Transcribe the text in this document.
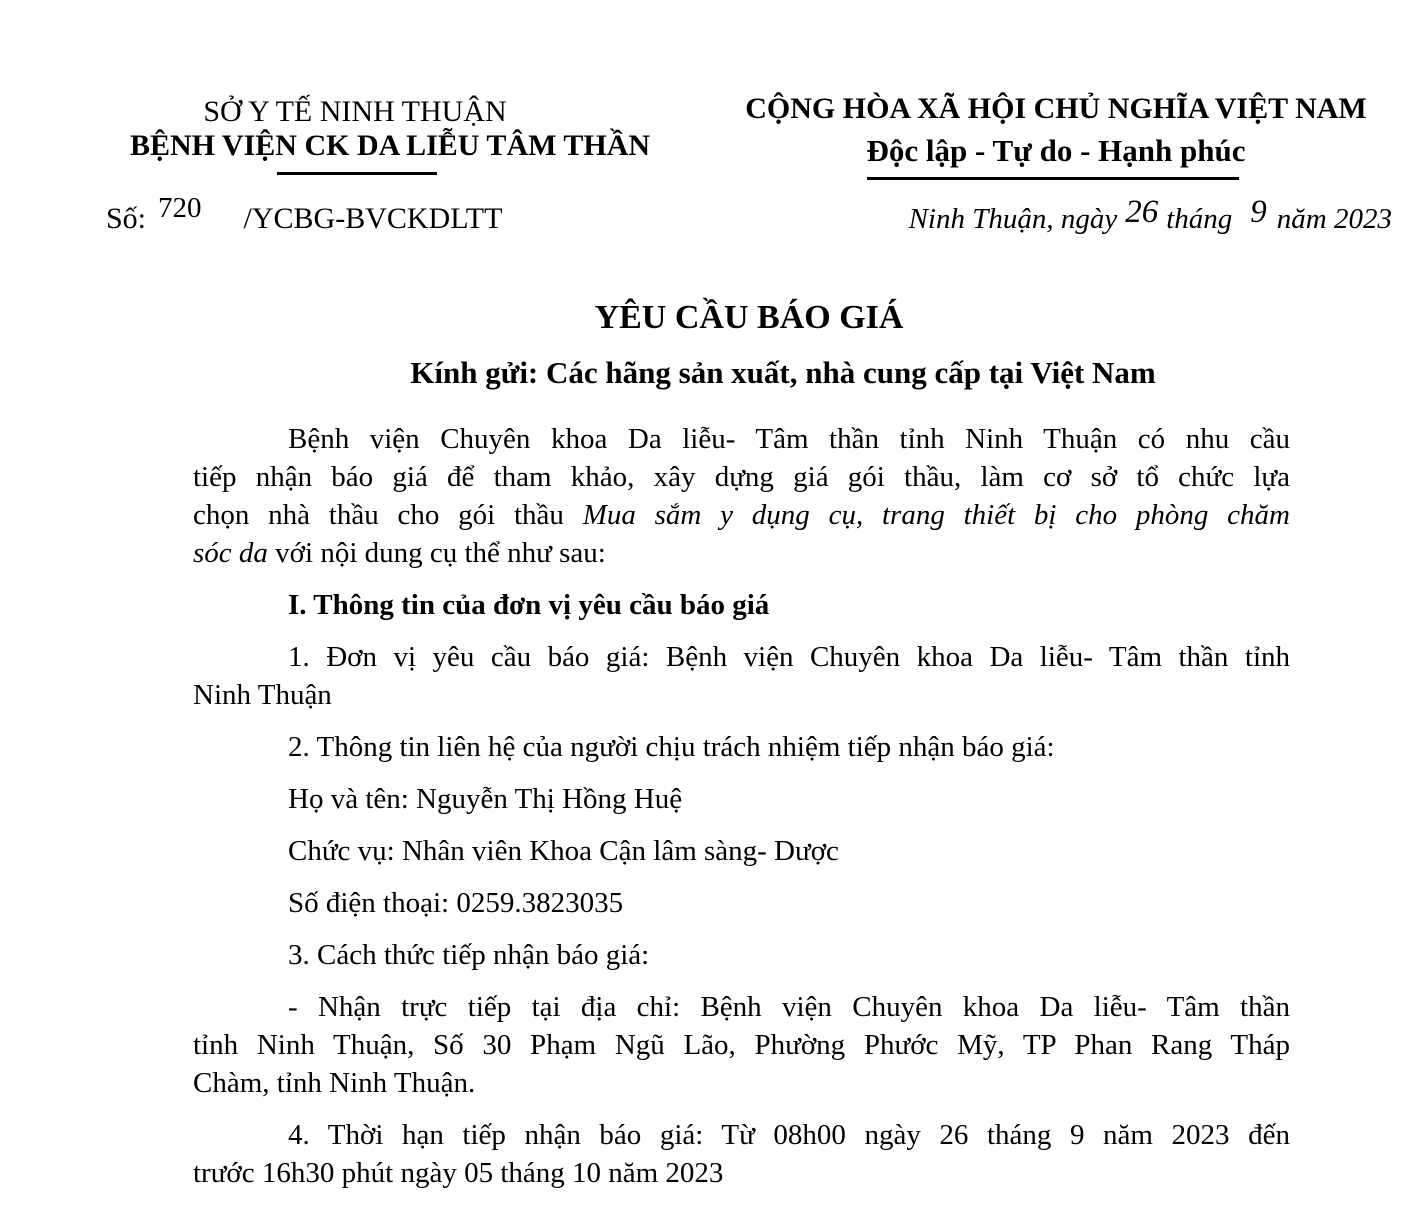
SỞ Y TẾ NINH THUẬN
BỆNH VIỆN CK DA LIỄU TÂM THẦN
Số: 720 /YCBG-BVCKDLTT
CỘNG HÒA XÃ HỘI CHỦ NGHĨA VIỆT NAM
Độc lập - Tự do - Hạnh phúc
Ninh Thuận, ngày 26 tháng 9 năm 2023
YÊU CẦU BÁO GIÁ
Kính gửi: Các hãng sản xuất, nhà cung cấp tại Việt Nam
Bệnh viện Chuyên khoa Da liễu- Tâm thần tỉnh Ninh Thuận có nhu cầu
tiếp nhận báo giá để tham khảo, xây dựng giá gói thầu, làm cơ sở tổ chức lựa
chọn nhà thầu cho gói thầu Mua sắm y dụng cụ, trang thiết bị cho phòng chăm
sóc da với nội dung cụ thể như sau:
I. Thông tin của đơn vị yêu cầu báo giá
1. Đơn vị yêu cầu báo giá: Bệnh viện Chuyên khoa Da liễu- Tâm thần tỉnh
Ninh Thuận
2. Thông tin liên hệ của người chịu trách nhiệm tiếp nhận báo giá:
Họ và tên: Nguyễn Thị Hồng Huệ
Chức vụ: Nhân viên Khoa Cận lâm sàng- Dược
Số điện thoại: 0259.3823035
3. Cách thức tiếp nhận báo giá:
- Nhận trực tiếp tại địa chỉ: Bệnh viện Chuyên khoa Da liễu- Tâm thần
tỉnh Ninh Thuận, Số 30 Phạm Ngũ Lão, Phường Phước Mỹ, TP Phan Rang Tháp
Chàm, tỉnh Ninh Thuận.
4. Thời hạn tiếp nhận báo giá: Từ 08h00 ngày 26 tháng 9 năm 2023 đến
trước 16h30 phút ngày 05 tháng 10 năm 2023
